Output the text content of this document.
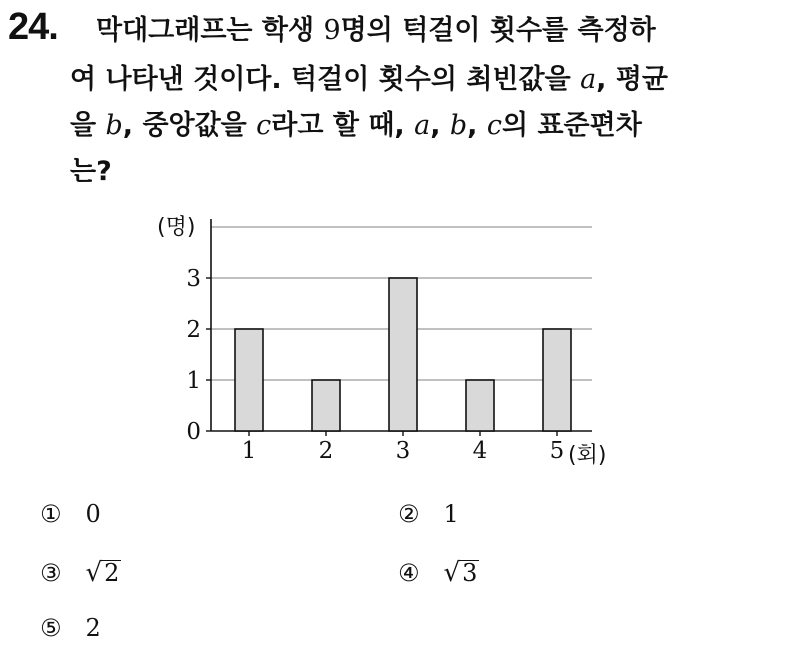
24. 막대그래프는 학생 9명의 턱걸이 횟수를 측정하
여 나타낸 것이다. 턱걸이 횟수의 최빈값을 a, 평균
을 b, 중앙값을 c라고 할 때, a, b, c의 표준편차
는?
0
1
2
3
(명)
1	2	3	4	5 (회)
① 0	② 1
③ √ 2	④ √ 3
⑤ 2
